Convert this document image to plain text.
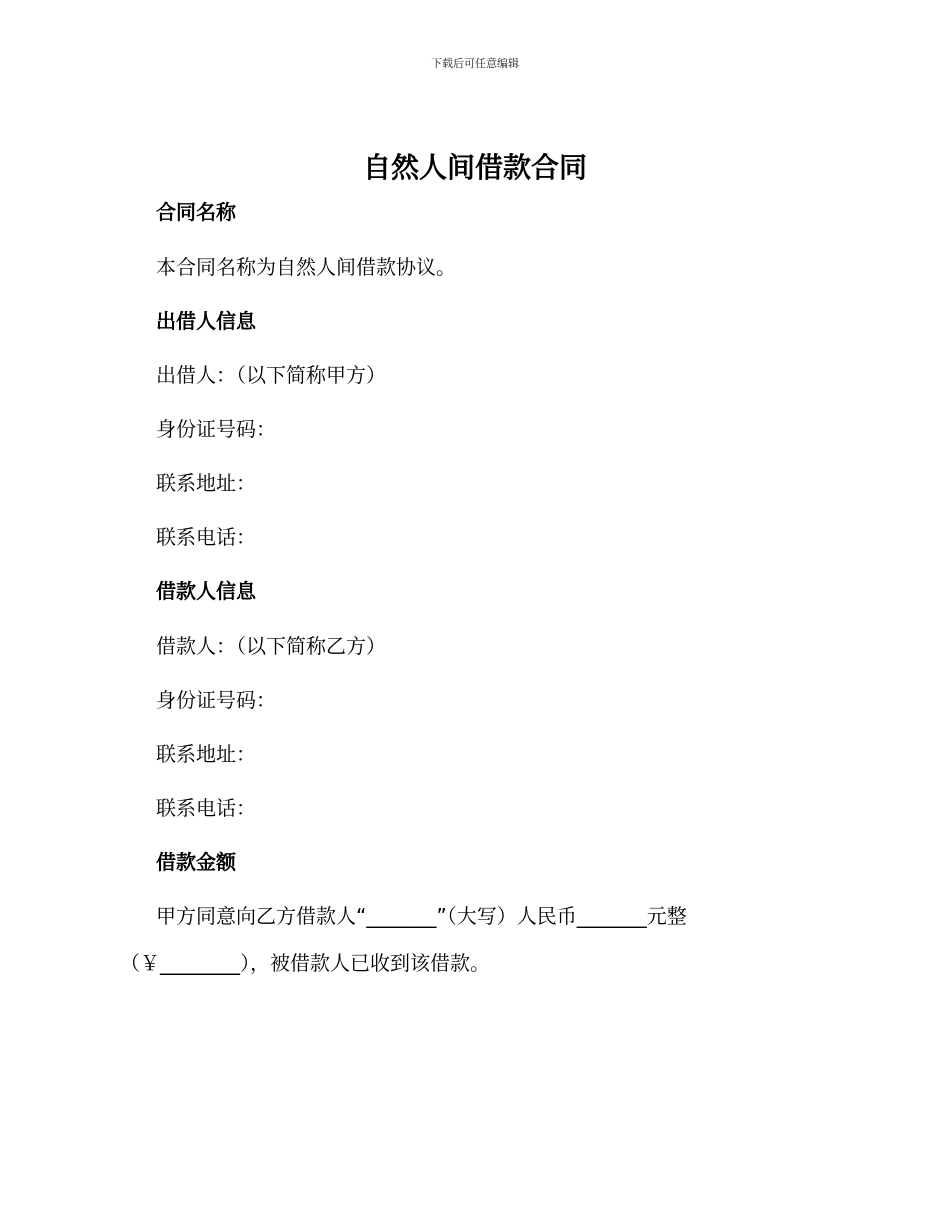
下载后可任意编辑
自然人间借款合同

合同名称

本合同名称为自然人间借款协议。

出借人信息

出借人：（以下简称甲方）

身份证号码：

联系地址：

联系电话：

借款人信息

借款人：（以下简称乙方）

身份证号码：

联系地址：

联系电话：

借款金额

甲方同意向乙方借款人“_______”（大写）人民币_______元整

（￥________），被借款人已收到该借款。
